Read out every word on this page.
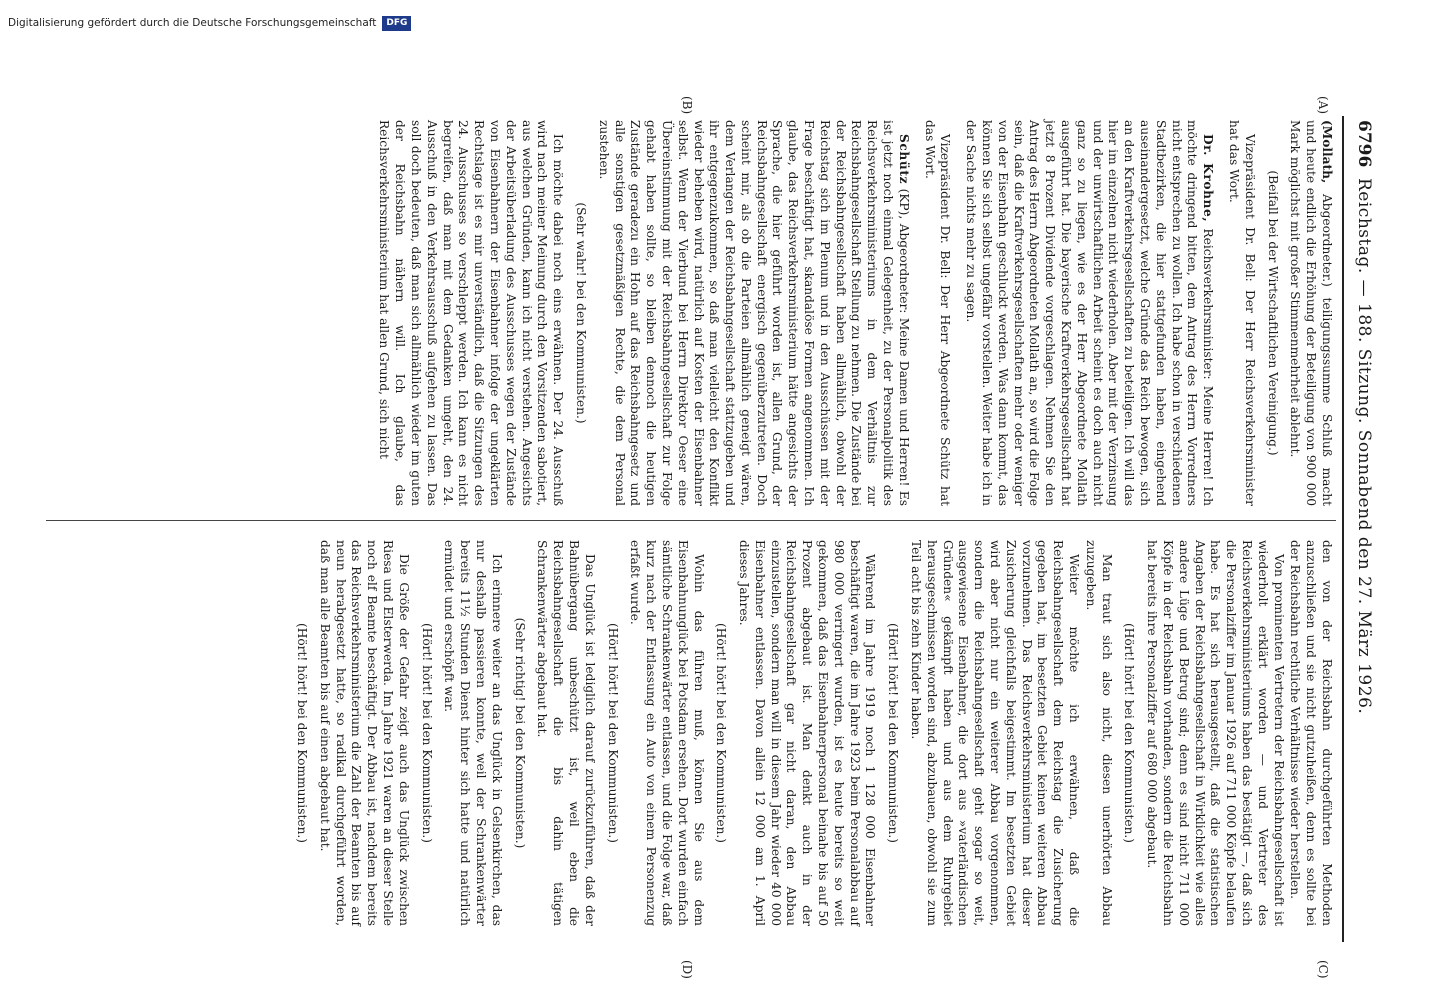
6796
Reichstag. — 188. Sitzung. Sonnabend den 27. März 1926.
(A)
(B)
(C)
(D)

(Mollath, Abgeordneter.) teiligungssumme Schluß macht und heute endlich die Erhöhung der Beteiligung von 900 000 Mark möglichst mit großer Stimmenmehrheit ablehnt.

(Beifall bei der Wirtschaftlichen Vereinigung.)

Vizepräsident Dr. Bell: Der Herr Reichsverkehrsminister hat das Wort.

Dr. Krohne, Reichsverkehrsminister: Meine Herren! Ich möchte dringend bitten, dem Antrag des Herrn Vorredners nicht entsprechen zu wollen. Ich habe schon in verschiedenen Stadtbezirken, die hier stattgefunden haben, eingehend auseinandergesetzt, welche Gründe das Reich bewogen, sich an den Kraftverkehrsgesellschaften zu beteiligen. Ich will das hier im einzelnen nicht wiederholen. Aber mit der Verzinsung und der unwirtschaftlichen Arbeit scheint es doch auch nicht ganz so zu liegen, wie es der Herr Abgeordnete Mollath ausgeführt hat. Die bayerische Kraftverkehrsgesellschaft hat jetzt 8 Prozent Dividende vorgeschlagen. Nehmen Sie den Antrag des Herrn Abgeordneten Mollath an, so wird die Folge sein, daß die Kraftverkehrsgesellschaften mehr oder weniger von der Eisenbahn geschluckt werden. Was dann kommt, das können Sie sich selbst ungefähr vorstellen. Weiter habe ich in der Sache nichts mehr zu sagen.

Vizepräsident Dr. Bell: Der Herr Abgeordnete Schütz hat das Wort.

Schütz (KP), Abgeordneter: Meine Damen und Herren! Es ist jetzt noch einmal Gelegenheit, zu der Personalpolitik des Reichsverkehrsministeriums in dem Verhältnis zur Reichsbahngesellschaft Stellung zu nehmen. Die Zustände bei der Reichsbahngesellschaft haben allmählich, obwohl der Reichstag sich im Plenum und in den Ausschüssen mit der Frage beschäftigt hat, skandalöse Formen angenommen. Ich glaube, das Reichsverkehrsministerium hätte angesichts der Sprache, die hier geführt worden ist, allen Grund, der Reichsbahngesellschaft energisch gegenüberzutreten. Doch scheint mir, als ob die Parteien allmählich geneigt wären, dem Verlangen der Reichsbahngesellschaft stattzugeben und ihr entgegenzukommen, so daß man vielleicht den Konflikt wieder beheben wird, natürlich auf Kosten der Eisenbahner selbst. Wenn der Vierbund bei Herrn Direktor Oeser eine Übereinstimmung mit der Reichsbahngesellschaft zur Folge gehabt haben sollte, so bleiben dennoch die heutigen Zustände geradezu ein Hohn auf das Reichsbahngesetz und alle sonstigen gesetzmäßigen Rechte, die dem Personal zustehen.

(Sehr wahr! bei den Kommunisten.)

Ich möchte dabei noch eins erwähnen. Der 24. Ausschuß wird nach meiner Meinung durch den Vorsitzenden sabotiert, aus welchen Gründen, kann ich nicht verstehen. Angesichts der Arbeitsüberladung des Ausschusses wegen der Zustände von Eisenbahnern der Eisenbahner infolge der ungeklärten Rechtslage ist es mir unverständlich, daß die Sitzungen des 24. Ausschusses so verschleppt werden. Ich kann es nicht begreifen, daß man mit dem Gedanken umgeht, den 24. Ausschuß in den Verkehrsausschuß aufgehen zu lassen. Das soll doch bedeuten, daß man sich allmählich wieder im guten der Reichsbahn nähern will. Ich glaube, das Reichsverkehrsministerium hat allen Grund, sich nicht

den von der Reichsbahn durchgeführten Methoden anzuschließen und sie nicht gutzuheißen, denn es sollte bei der Reichsbahn rechtliche Verhältnisse wieder herstellen.

Von prominenten Vertretern der Reichsbahngesellschaft ist wiederholt erklärt worden — und Vertreter des Reichsverkehrsministeriums haben das bestätigt —, daß sich die Personalziffer im Januar 1926 auf 711 000 Köpfe belaufen habe. Es hat sich herausgestellt, daß die statistischen Angaben der Reichsbahngesellschaft in Wirklichkeit wie alles andere Lüge und Betrug sind; denn es sind nicht 711 000 Köpfe in der Reichsbahn vorhanden, sondern die Reichsbahn hat bereits ihre Personalziffer auf 680 000 abgebaut.

(Hört! hört! bei den Kommunisten.)

Man traut sich also nicht, diesen unerhörten Abbau zuzugeben.

Weiter möchte ich erwähnen, daß die Reichsbahngesellschaft dem Reichstag die Zusicherung gegeben hat, im besetzten Gebiet keinen weiteren Abbau vorzunehmen. Das Reichsverkehrsministerium hat dieser Zusicherung gleichfalls beigestimmt. Im besetzten Gebiet wird aber nicht nur ein weiterer Abbau vorgenommen, sondern die Reichsbahngesellschaft geht sogar so weit, ausgewiesene Eisenbahner, die dort aus »vaterländischen Gründen« gekämpft haben und aus dem Ruhrgebiet herausgeschmissen worden sind, abzubauen, obwohl sie zum Teil acht bis zehn Kinder haben.

(Hört! hört! bei den Kommunisten.)

Während im Jahre 1919 noch 1 128 000 Eisenbahner beschäftigt waren, die im Jahre 1923 beim Personalabbau auf 980 000 verringert wurden, ist es heute bereits so weit gekommen, daß das Eisenbahnerpersonal beinahe bis auf 50 Prozent abgebaut ist. Man denkt auch in der Reichsbahngesellschaft gar nicht daran, den Abbau einzustellen, sondern man will in diesem Jahr wieder 40 000 Eisenbahner entlassen. Davon allein 12 000 am 1. April dieses Jahres.

(Hört! hört! bei den Kommunisten.)

Wohin das führen muß, können Sie aus dem Eisenbahnunglück bei Potsdam ersehen. Dort wurden einfach sämtliche Schrankenwärter entlassen, und die Folge war, daß kurz nach der Entlassung ein Auto von einem Personenzug erfaßt wurde.

(Hört! hört! bei den Kommunisten.)

Das Unglück ist lediglich darauf zurückzuführen, daß der Bahnübergang unbeschützt ist, weil eben die Reichsbahngesellschaft die bis dahin tätigen Schrankenwärter abgebaut hat.

(Sehr richtig! bei den Kommunisten.)

Ich erinnere weiter an das Unglück in Gelsenkirchen, das nur deshalb passieren konnte, weil der Schrankenwärter bereits 11½ Stunden Dienst hinter sich hatte und natürlich ermüdet und erschöpft war.

(Hört! hört! bei den Kommunisten.)

Die Größe der Gefahr zeigt auch das Unglück zwischen Riesa und Elsterwerda. Im Jahre 1921 waren an dieser Stelle noch elf Beamte beschäftigt. Der Abbau ist, nachdem bereits das Reichsverkehrsministerium die Zahl der Beamten bis auf neun herabgesetzt hatte, so radikal durchgeführt worden, daß man alle Beamten bis auf einen abgebaut hat.

(Hört! hört! bei den Kommunisten.)

Digitalisierung gefördert durch die Deutsche Forschungsgemeinschaft	DFG
